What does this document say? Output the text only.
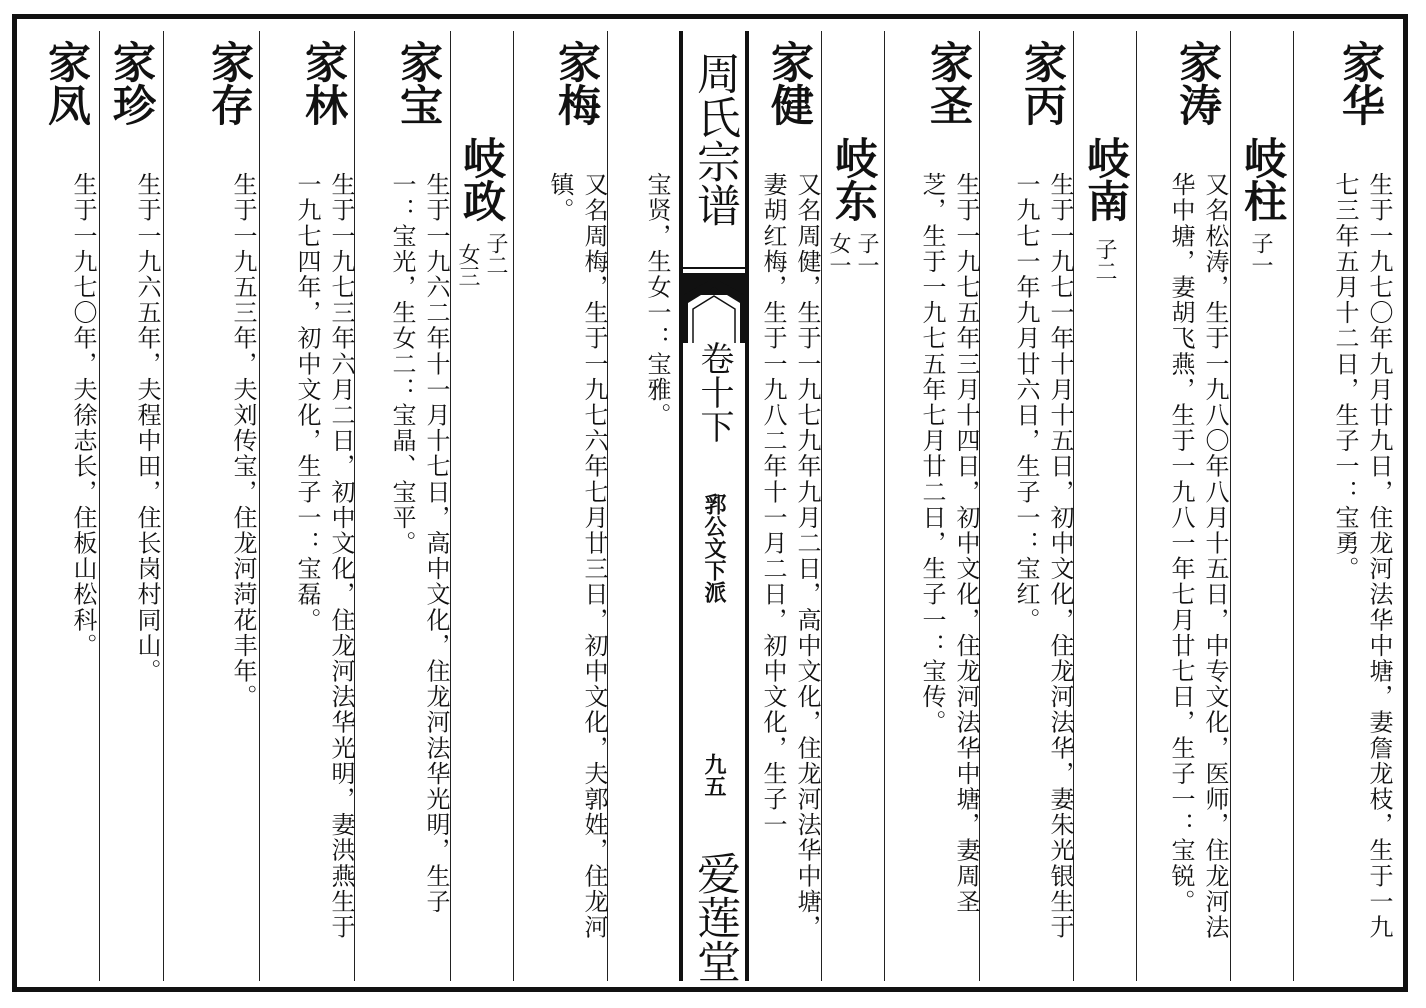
周氏宗谱
卷十下
郛公文下派
九五
爱莲堂
家华
生于一九七〇年九月廿九日，住龙河法华中塘，妻詹龙枝，生于一九七三年五月十二日，生子一：宝勇。
岐柱
子一
家涛
又名松涛，生于一九八〇年八月十五日，中专文化，医师，住龙河法华中塘，妻胡飞燕，生于一九八一年七月廿七日，生子一：宝锐。
岐南
子二
家丙
生于一九七一年十月十五日，初中文化，住龙河法华，妻朱光银生于一九七一年九月廿六日，生子一：宝红。
家圣
生于一九七五年三月十四日，初中文化，住龙河法华中塘，妻周圣芝，生于一九七五年七月廿二日，生子一：宝传。
岐东
子一
女一
家健
又名周健，生于一九七九年九月二日，高中文化，住龙河法华中塘，妻胡红梅，生于一九八二年十一月二日，初中文化，生子一
宝贤，生女一：宝雅。
家梅
又名周梅，生于一九七六年七月廿三日，初中文化，夫郭姓，住龙河镇。
岐政
子二
女三
家宝
生于一九六二年十一月十七日，高中文化，住龙河法华光明，生子一：宝光，生女二：宝晶、宝平。
家林
生于一九七三年六月二日，初中文化，住龙河法华光明，妻洪燕生于一九七四年，初中文化，生子一：宝磊。
家存
生于一九五三年，夫刘传宝，住龙河菏花丰年。
家珍
生于一九六五年，夫程中田，住长岗村同山。
家凤
生于一九七〇年，夫徐志长，住板山松科。
